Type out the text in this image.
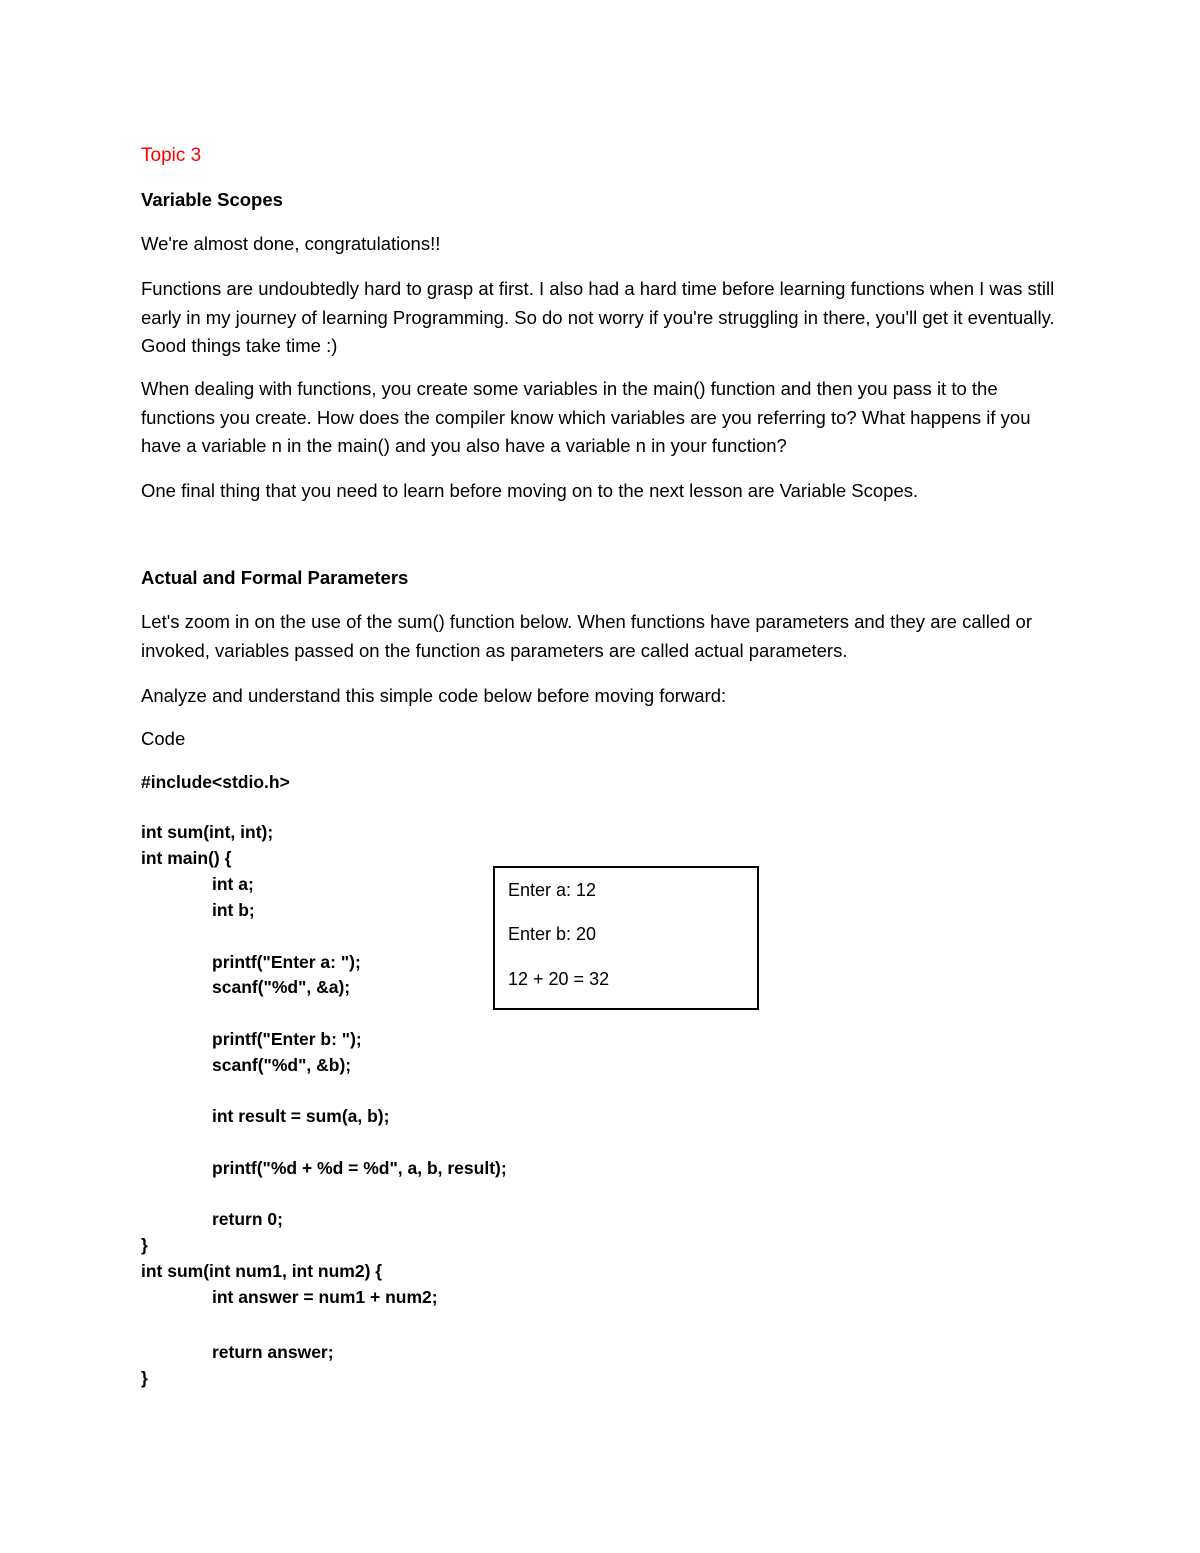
Topic 3

Variable Scopes

We're almost done, congratulations!!

Functions are undoubtedly hard to grasp at first. I also had a hard time before learning functions when I was still early in my journey of learning Programming. So do not worry if you're struggling in there, you'll get it eventually. Good things take time :)

When dealing with functions, you create some variables in the main() function and then you pass it to the functions you create. How does the compiler know which variables are you referring to? What happens if you have a variable n in the main() and you also have a variable n in your function?

One final thing that you need to learn before moving on to the next lesson are Variable Scopes.

Actual and Formal Parameters

Let's zoom in on the use of the sum() function below. When functions have parameters and they are called or invoked, variables passed on the function as parameters are called actual parameters.

Analyze and understand this simple code below before moving forward:

Code

#include<stdio.h>

int sum(int, int);

int main() {

int a;

int b;

printf("Enter a: ");

scanf("%d", &a);

printf("Enter b: ");

scanf("%d", &b);

int result = sum(a, b);

printf("%d + %d = %d", a, b, result);

return 0;

}

int sum(int num1, int num2) {

int answer = num1 + num2;

return answer;

}

Enter a: 12

Enter b: 20

12 + 20 = 32
